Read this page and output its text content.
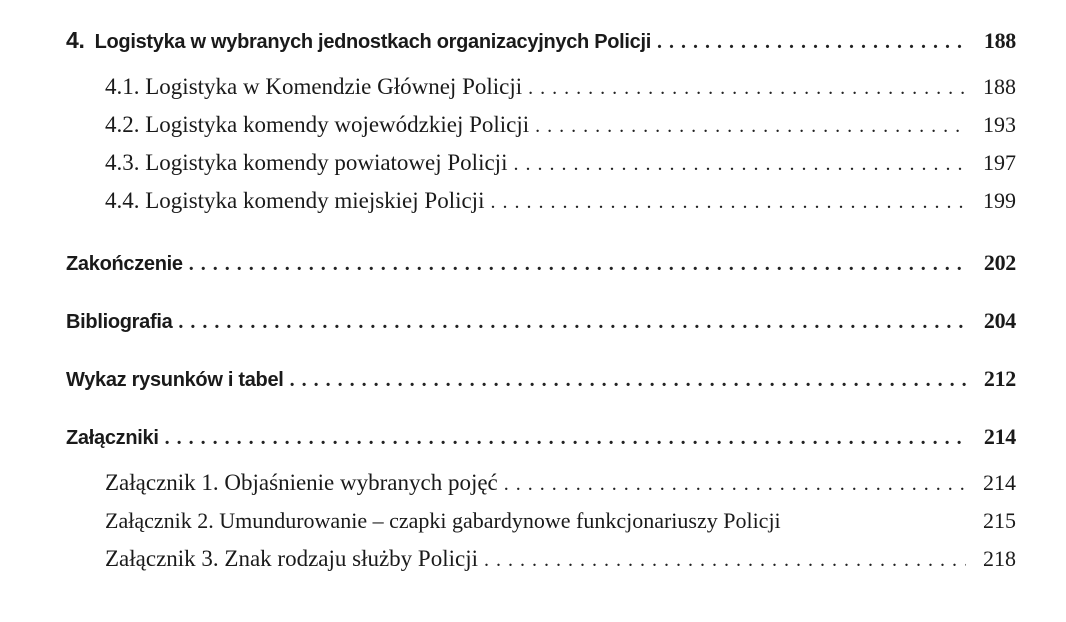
4. Logistyka w wybranych jednostkach organizacyjnych Policji . . .	188
4.1. Logistyka w Komendzie Głównej Policji . . .	188
4.2. Logistyka komendy wojewódzkiej Policji . . .	193
4.3. Logistyka komendy powiatowej Policji . . .	197
4.4. Logistyka komendy miejskiej Policji . . .	199
Zakończenie . . .	202
Bibliografia . . .	204
Wykaz rysunków i tabel . . .	212
Załączniki . . .	214
Załącznik 1. Objaśnienie wybranych pojęć . . .	214
Załącznik 2. Umundurowanie – czapki gabardynowe funkcjonariuszy Policji	215
Załącznik 3. Znak rodzaju służby Policji . . .	218
